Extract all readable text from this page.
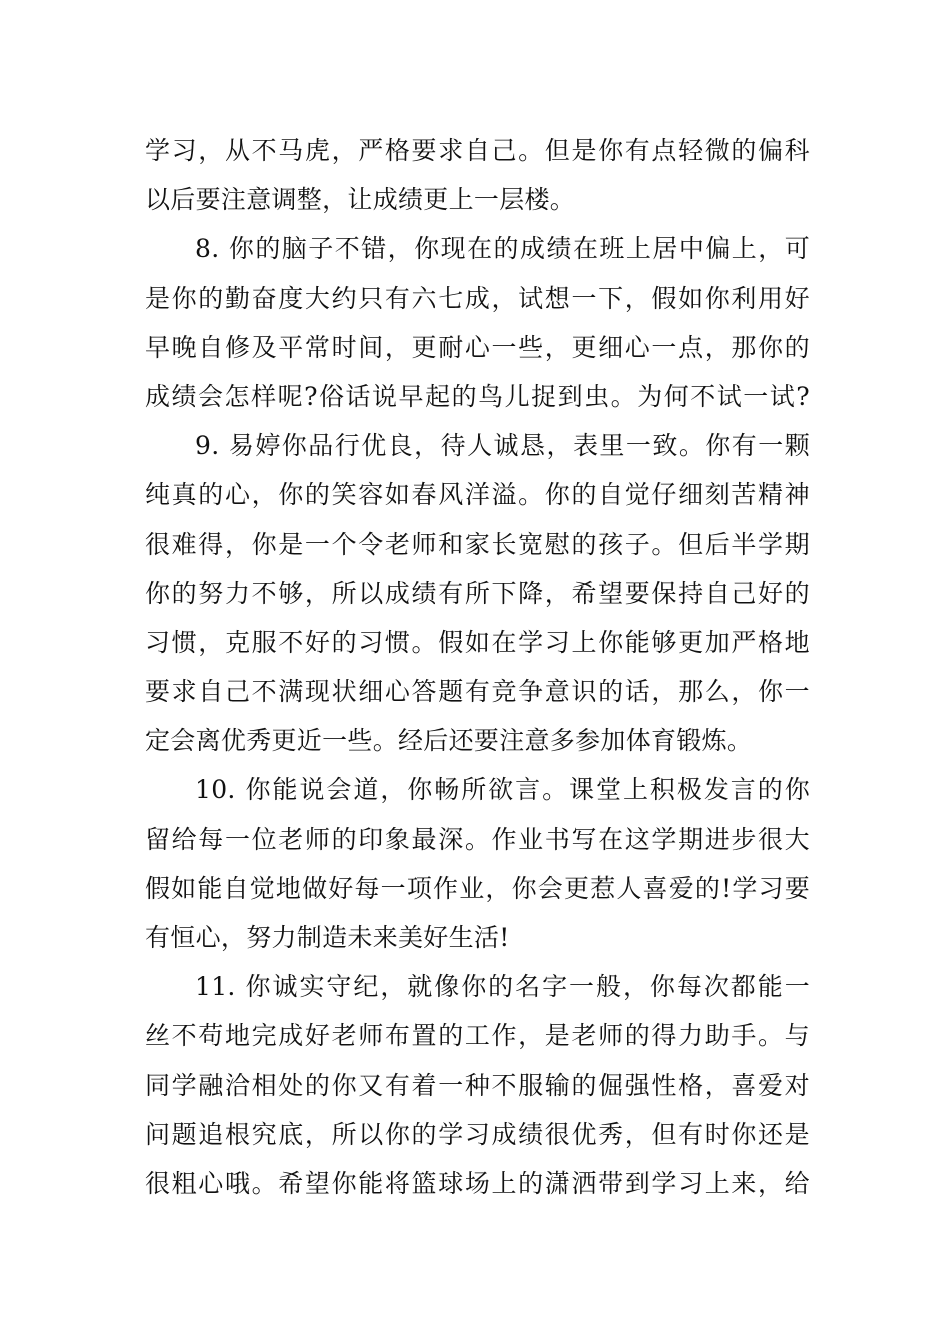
学习，从不马虎，严格要求自己。但是你有点轻微的偏科
以后要注意调整，让成绩更上一层楼。
8. 你的脑子不错，你现在的成绩在班上居中偏上，可
是你的勤奋度大约只有六七成，试想一下，假如你利用好
早晚自修及平常时间，更耐心一些，更细心一点，那你的
成绩会怎样呢?俗话说早起的鸟儿捉到虫。为何不试一试?
9. 易婷你品行优良，待人诚恳，表里一致。你有一颗
纯真的心，你的笑容如春风洋溢。你的自觉仔细刻苦精神
很难得，你是一个令老师和家长宽慰的孩子。但后半学期
你的努力不够，所以成绩有所下降，希望要保持自己好的
习惯，克服不好的习惯。假如在学习上你能够更加严格地
要求自己不满现状细心答题有竞争意识的话，那么，你一
定会离优秀更近一些。经后还要注意多参加体育锻炼。
10. 你能说会道，你畅所欲言。课堂上积极发言的你
留给每一位老师的印象最深。作业书写在这学期进步很大
假如能自觉地做好每一项作业，你会更惹人喜爱的!学习要
有恒心，努力制造未来美好生活!
11. 你诚实守纪，就像你的名字一般，你每次都能一
丝不苟地完成好老师布置的工作，是老师的得力助手。与
同学融洽相处的你又有着一种不服输的倔强性格，喜爱对
问题追根究底，所以你的学习成绩很优秀，但有时你还是
很粗心哦。希望你能将篮球场上的潇洒带到学习上来，给
